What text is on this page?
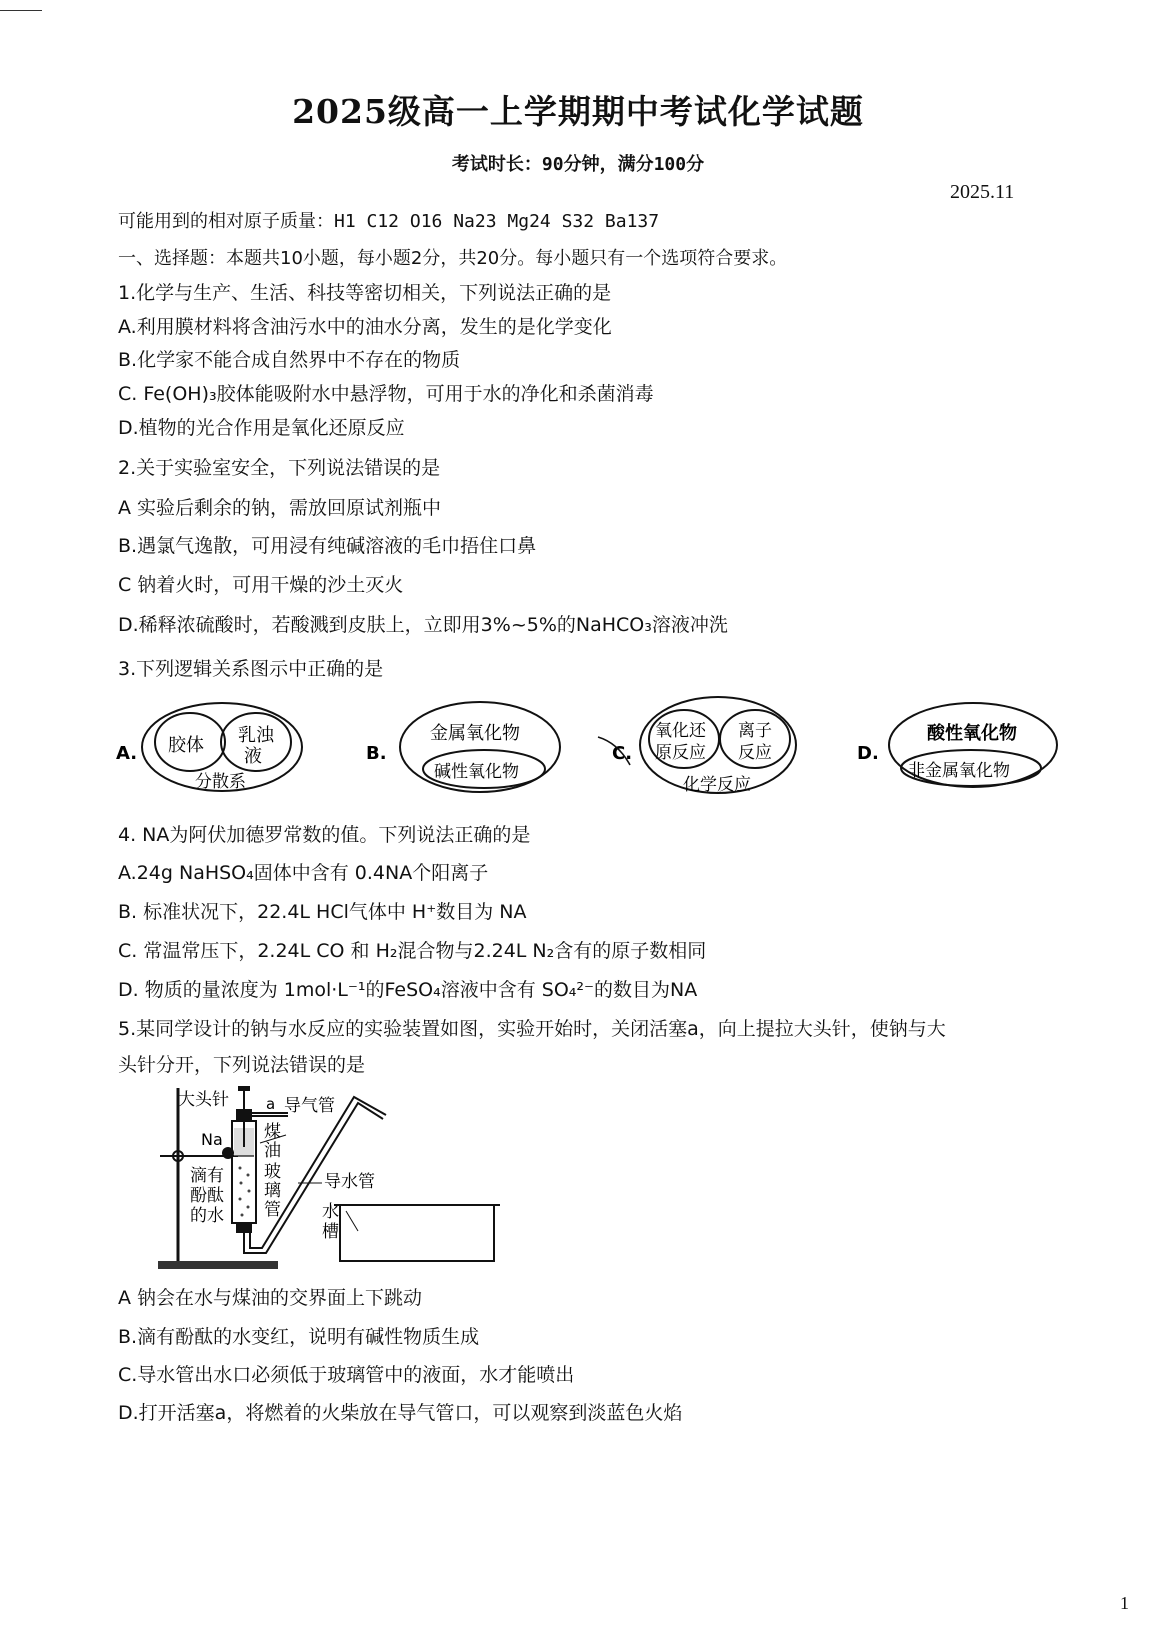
2025级高一上学期期中考试化学试题
考试时长：90分钟，满分100分
2025.11
可能用到的相对原子质量：H1 C12 O16 Na23 Mg24 S32 Ba137
一、选择题：本题共10小题，每小题2分，共20分。每小题只有一个选项符合要求。
1.化学与生产、生活、科技等密切相关，下列说法正确的是
A.利用膜材料将含油污水中的油水分离，发生的是化学变化
B.化学家不能合成自然界中不存在的物质
C. Fe(OH)₃胶体能吸附水中悬浮物，可用于水的净化和杀菌消毒
D.植物的光合作用是氧化还原反应
2.关于实验室安全，下列说法错误的是
A 实验后剩余的钠，需放回原试剂瓶中
B.遇氯气逸散，可用浸有纯碱溶液的毛巾捂住口鼻
C 钠着火时，可用干燥的沙土灭火
D.稀释浓硫酸时，若酸溅到皮肤上，立即用3%~5%的NaHCO₃溶液冲洗
3.下列逻辑关系图示中正确的是
A. 胶体 乳浊
液
分散系
B.
金属氧化物
碱性氧化物
C.
氧化还
原反应
离子
反应
化学反应
D.
酸性氧化物
非金属氧化物
4. NA为阿伏加德罗常数的值。下列说法正确的是
A.24g NaHSO₄固体中含有 0.4NA个阳离子
B. 标准状况下，22.4L HCl气体中 H⁺数目为 NA
C. 常温常压下，2.24L CO 和 H₂混合物与2.24L N₂含有的原子数相同
D. 物质的量浓度为 1mol·L⁻¹的FeSO₄溶液中含有 SO₄²⁻的数目为NA
5.某同学设计的钠与水反应的实验装置如图，实验开始时，关闭活塞a，向上提拉大头针，使钠与大
头针分开，下列说法错误的是
大头针 a 导气管
Na 煤
油
玻
璃
管
滴有
酚酞
的水
导水管
水
槽
A 钠会在水与煤油的交界面上下跳动
B.滴有酚酞的水变红，说明有碱性物质生成
C.导水管出水口必须低于玻璃管中的液面，水才能喷出
D.打开活塞a，将燃着的火柴放在导气管口，可以观察到淡蓝色火焰
1
